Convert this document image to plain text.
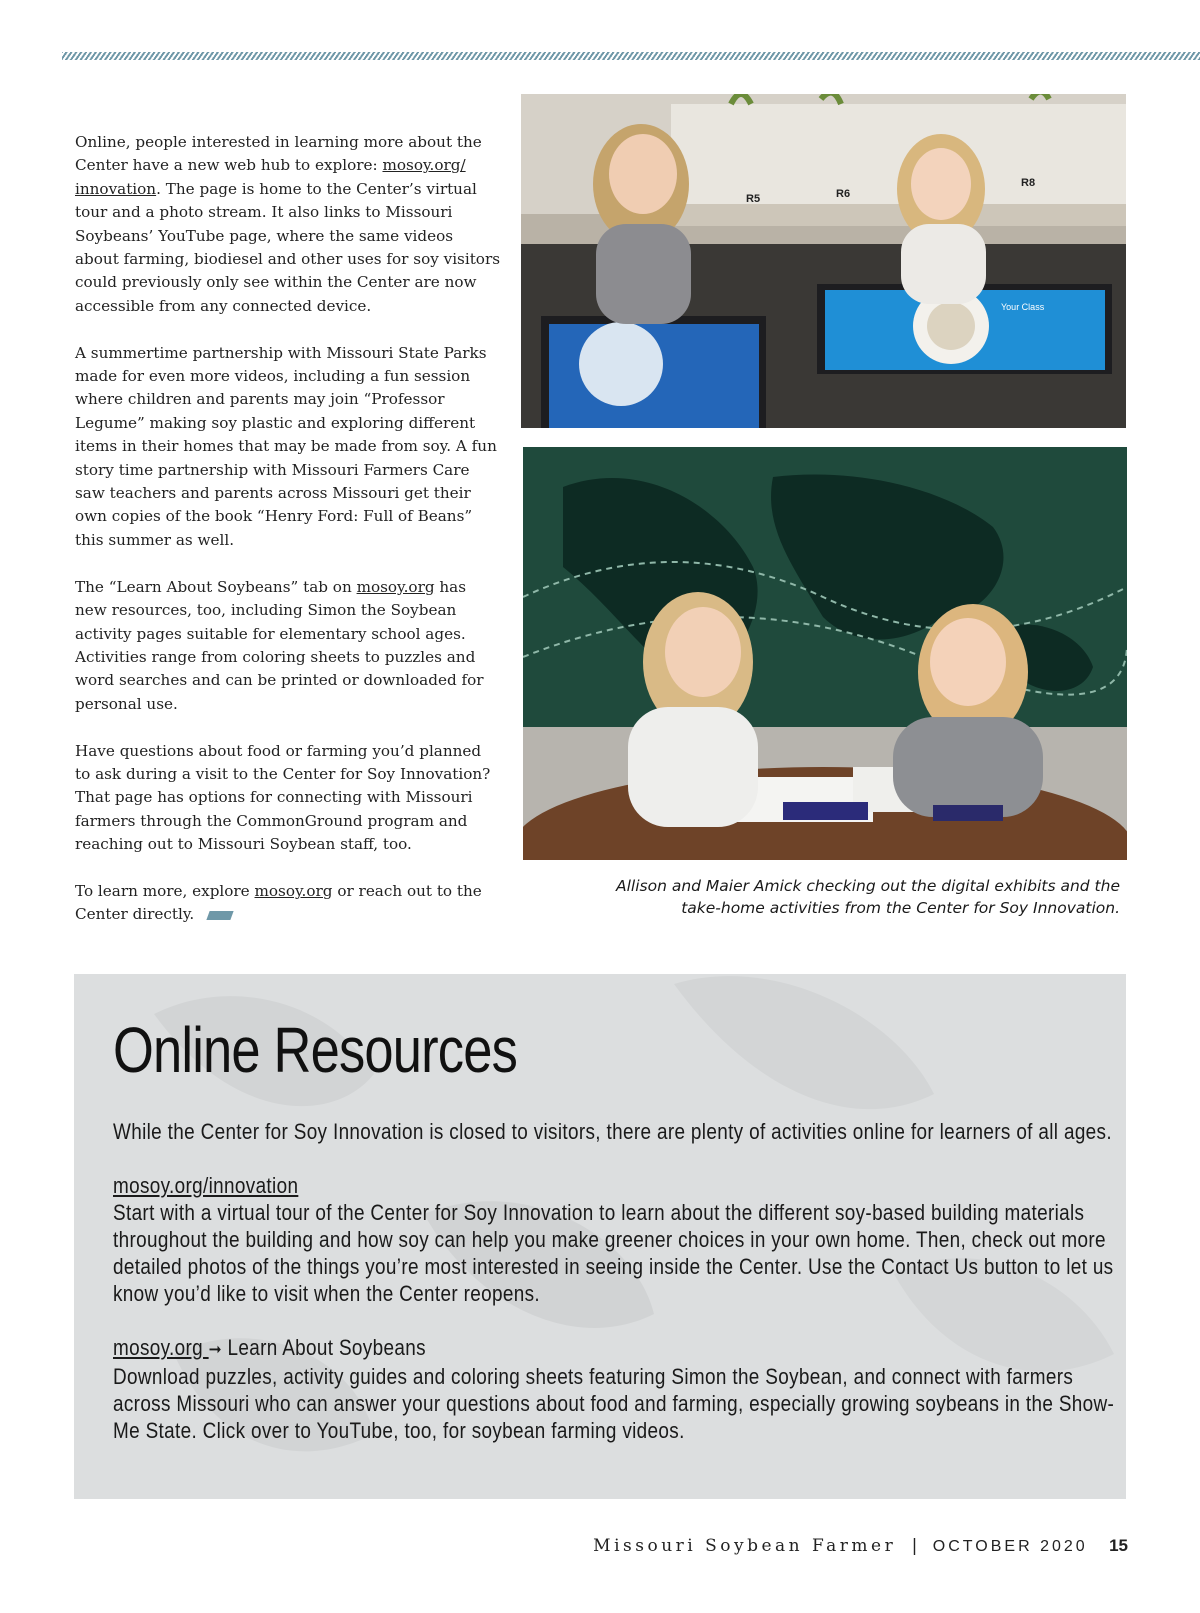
Online, people interested in learning more about the Center have a new web hub to explore: mosoy.org/ innovation. The page is home to the Center’s virtual tour and a photo stream. It also links to Missouri Soybeans’ YouTube page, where the same videos about farming, biodiesel and other uses for soy visitors could previously only see within the Center are now accessible from any connected device.

A summertime partnership with Missouri State Parks made for even more videos, including a fun session where children and parents may join “Professor Legume” making soy plastic and exploring different items in their homes that may be made from soy. A fun story time partnership with Missouri Farmers Care saw teachers and parents across Missouri get their own copies of the book “Henry Ford: Full of Beans” this summer as well.

The “Learn About Soybeans” tab on mosoy.org has new resources, too, including Simon the Soybean activity pages suitable for elementary school ages. Activities range from coloring sheets to puzzles and word searches and can be printed or downloaded for personal use.

Have questions about food or farming you’d planned to ask during a visit to the Center for Soy Innovation? That page has options for connecting with Missouri farmers through the CommonGround program and reaching out to Missouri Soybean staff, too.

To learn more, explore mosoy.org or reach out to the Center directly.

R5	R6
R8
Your Class
Allison and Maier Amick checking out the digital exhibits and the
take-home activities from the Center for Soy Innovation.
Online Resources

While the Center for Soy Innovation is closed to visitors, there are plenty of activities online for learners of all ages.

mosoy.org/innovation
Start with a virtual tour of the Center for Soy Innovation to learn about the different soy-based building materials throughout the building and how soy can help you make greener choices in your own home. Then, check out more detailed photos of the things you’re most interested in seeing inside the Center. Use the Contact Us button to let us know you’d like to visit when the Center reopens.

mosoy.org ➞ Learn About Soybeans
Download puzzles, activity guides and coloring sheets featuring Simon the Soybean, and connect with farmers across Missouri who can answer your questions about food and farming, especially growing soybeans in the Show-Me State. Click over to YouTube, too, for soybean farming videos.

Missouri Soybean Farmer | OCTOBER 2020 15
